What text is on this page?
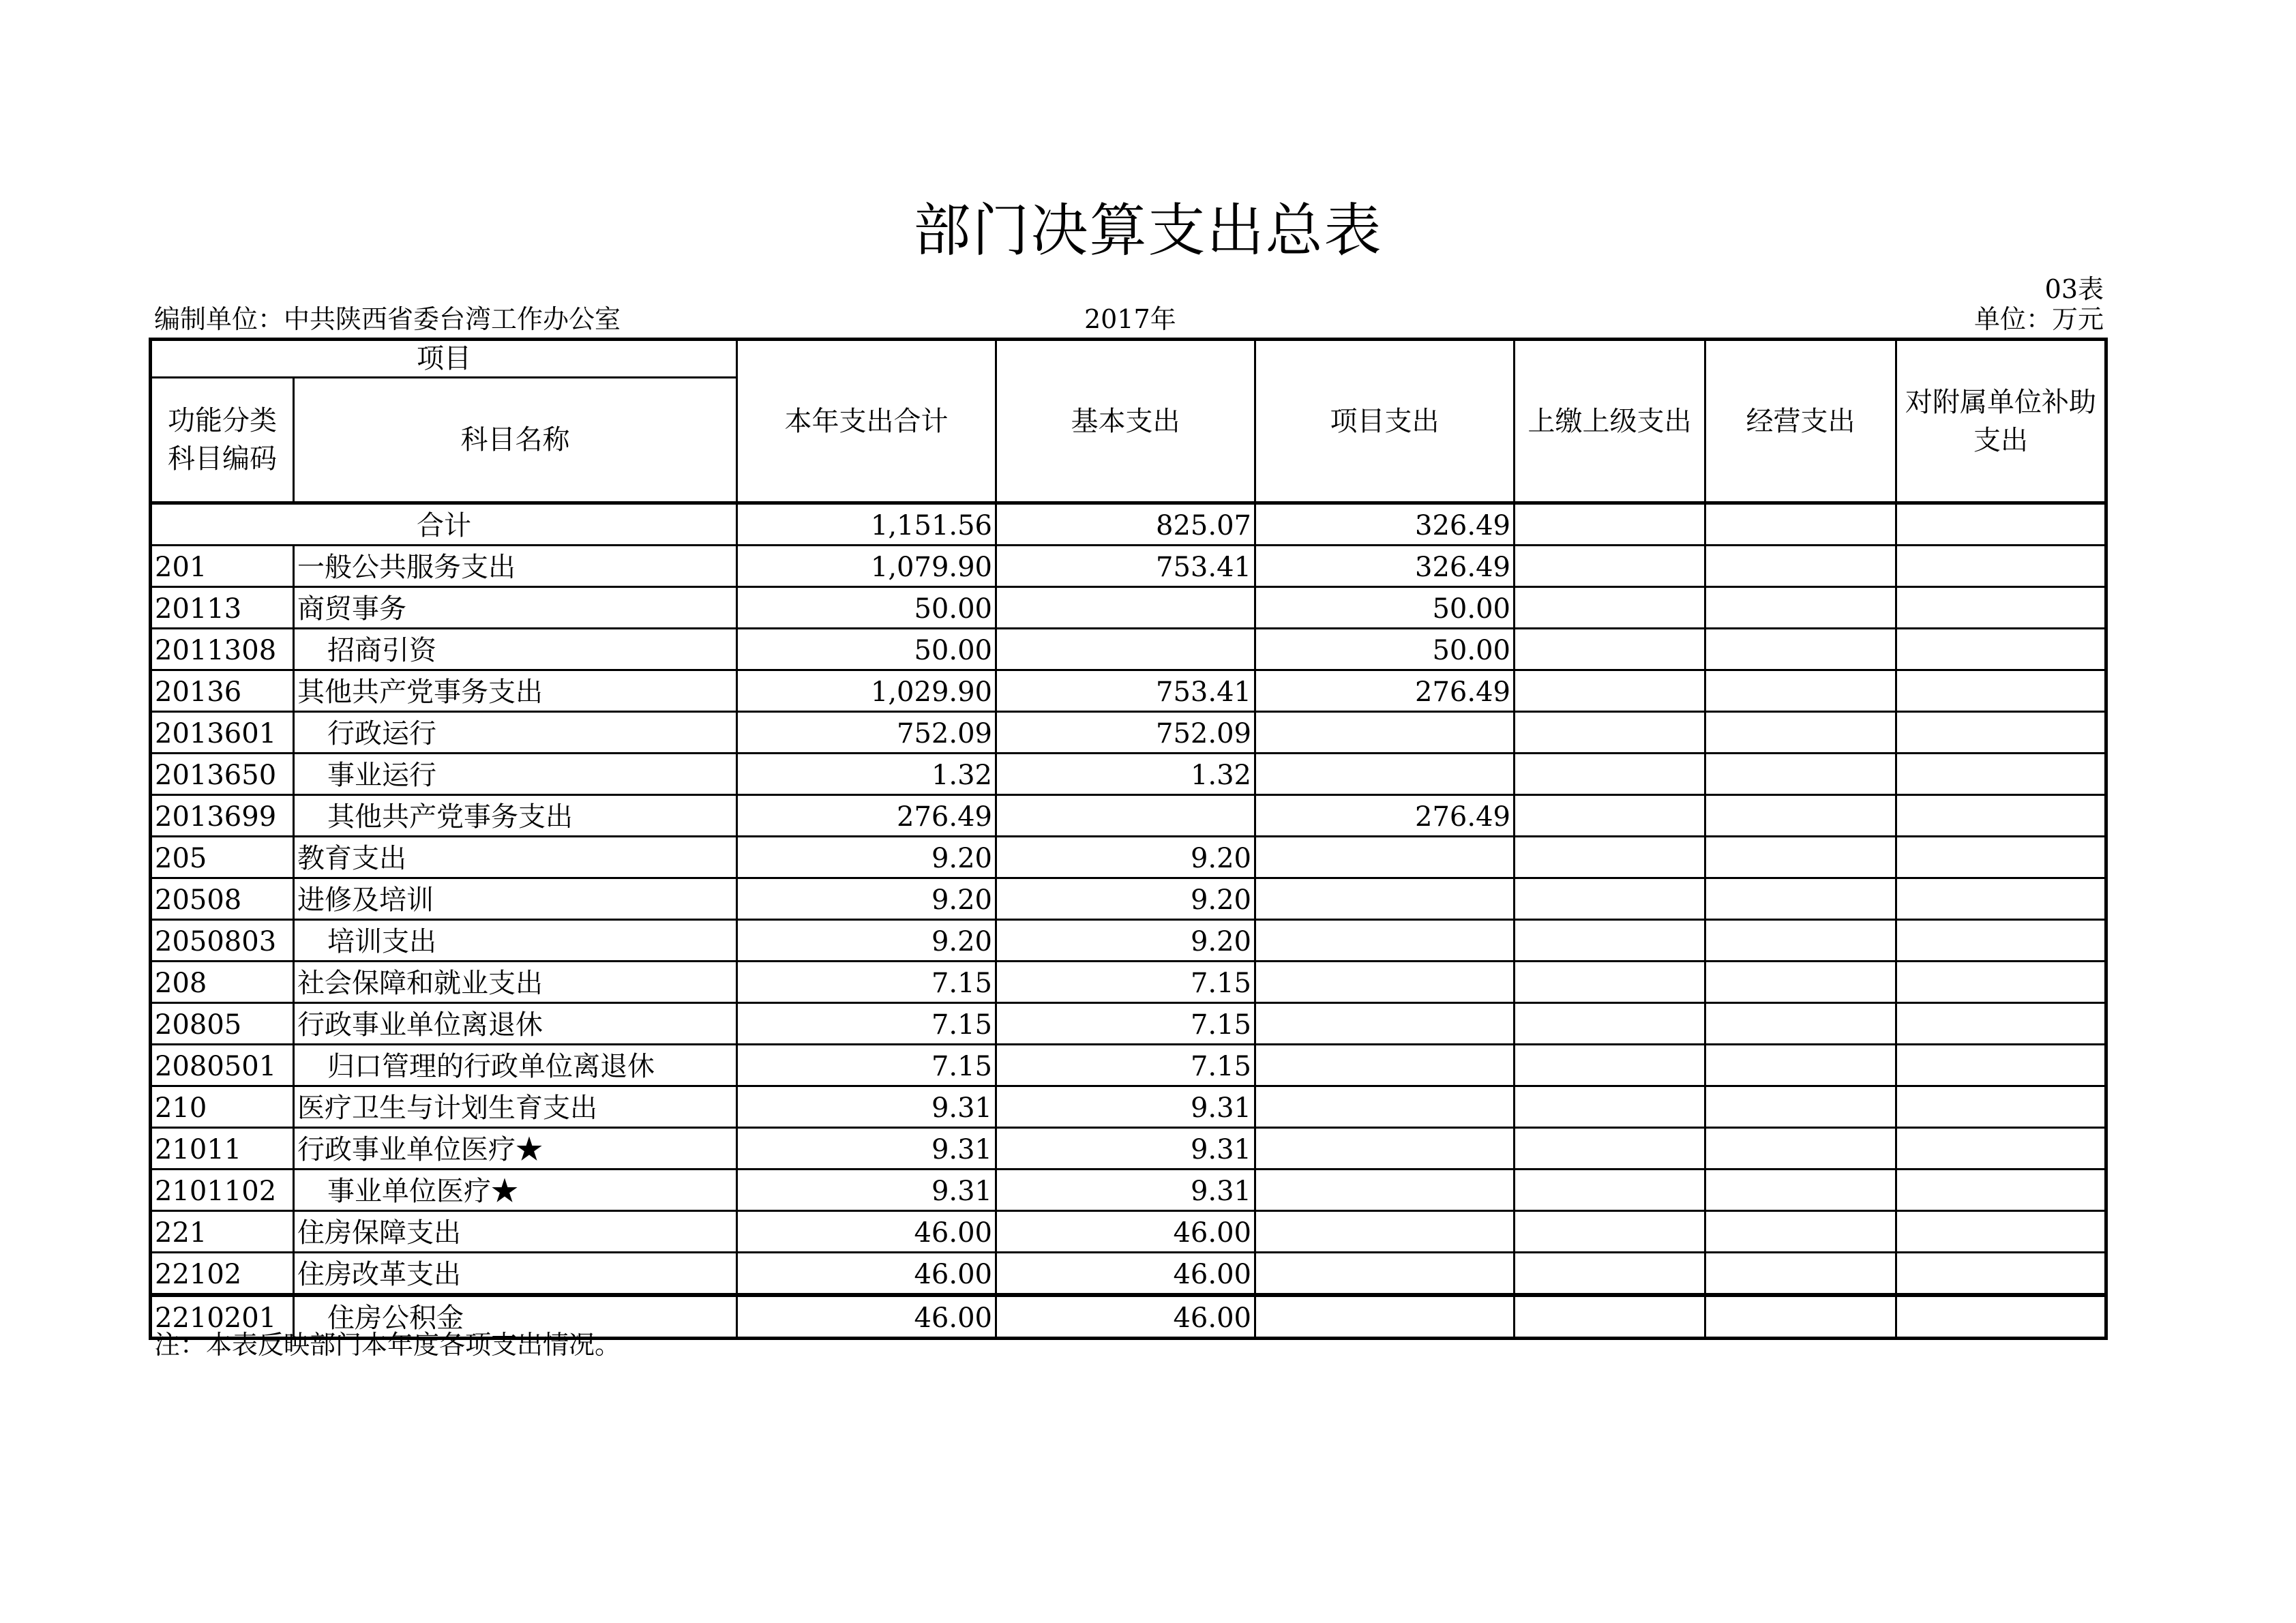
部门决算支出总表
03表
编制单位：中共陕西省委台湾工作办公室	2017年	单位：万元
项目		本年支出合计	基本支出	项目支出	上缴上级支出	经营支出	对附属单位补助支出

功能分类科目编码	科目名称						
合计		1,151.56	825.07	326.49			
201	一般公共服务支出	1,079.90	753.41	326.49			
20113	商贸事务	50.00		50.00			
2011308	招商引资	50.00		50.00			
20136	其他共产党事务支出	1,029.90	753.41	276.49			
2013601	行政运行	752.09	752.09				
2013650	事业运行	1.32	1.32				
2013699	其他共产党事务支出	276.49		276.49			
205	教育支出	9.20	9.20				
20508	进修及培训	9.20	9.20				
2050803	培训支出	9.20	9.20				
208	社会保障和就业支出	7.15	7.15				
20805	行政事业单位离退休	7.15	7.15				
2080501	归口管理的行政单位离退休	7.15	7.15				
210	医疗卫生与计划生育支出	9.31	9.31				
21011	行政事业单位医疗★	9.31	9.31				
2101102	事业单位医疗★	9.31	9.31				
221	住房保障支出	46.00	46.00				
22102	住房改革支出	46.00	46.00				
2210201	住房公积金	46.00	46.00				
注：本表反映部门本年度各项支出情况。
